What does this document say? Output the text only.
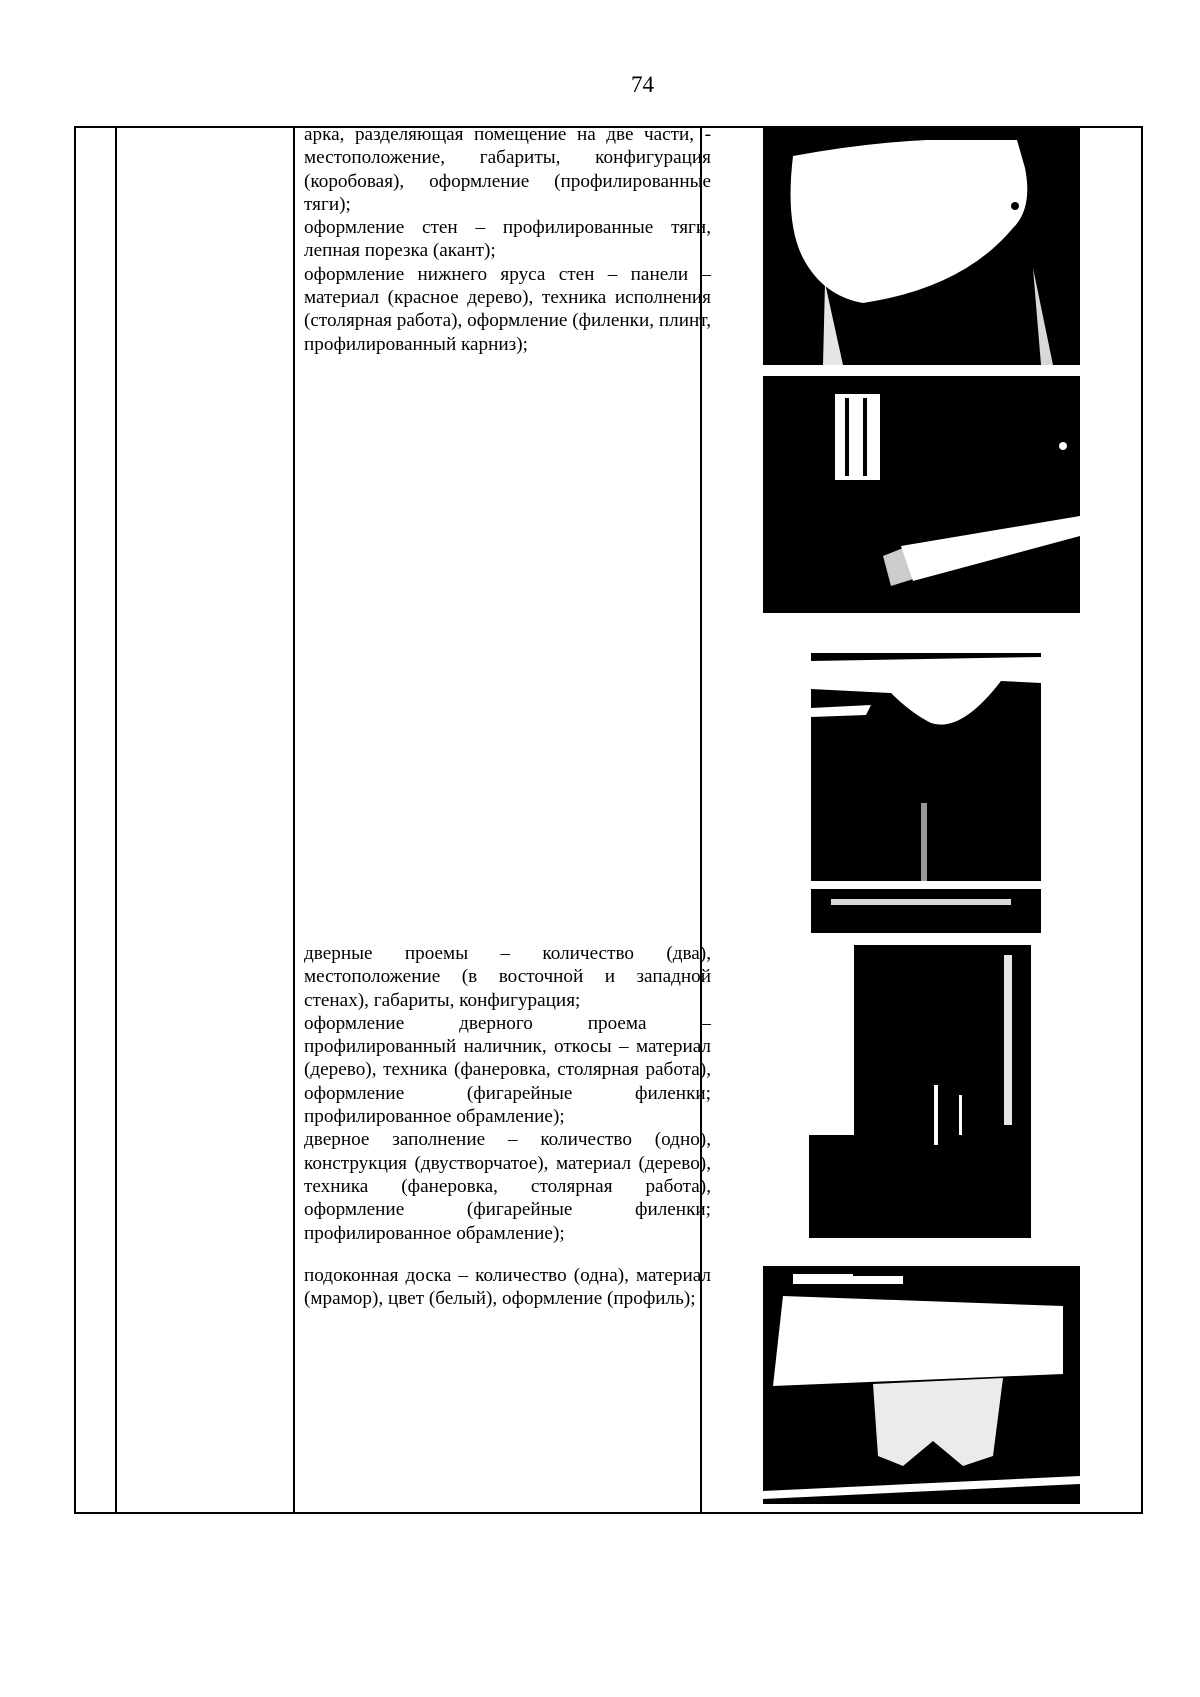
74

арка, разделяющая помещение на две части, - местоположение, габариты, конфигурация (коробовая), оформление (профилированные тяги);

оформление стен – профилированные тяги, лепная порезка (акант);

оформление нижнего яруса стен – панели – материал (красное дерево), техника исполнения (столярная работа), оформление (филенки, плинт, профилированный карниз);

дверные проемы – количество (два), местоположение (в восточной и западной стенах), габариты, конфигурация;

оформление дверного проема – профилированный наличник, откосы – материал (дерево), техника (фанеровка, столярная работа), оформление (фигарейные филенки; профилированное обрамление);

дверное заполнение – количество (одно), конструкция (двустворчатое), материал (дерево), техника (фанеровка, столярная работа), оформление (фигарейные филенки; профилированное обрамление);

подоконная доска – количество (одна), материал (мрамор), цвет (белый), оформление (профиль);
